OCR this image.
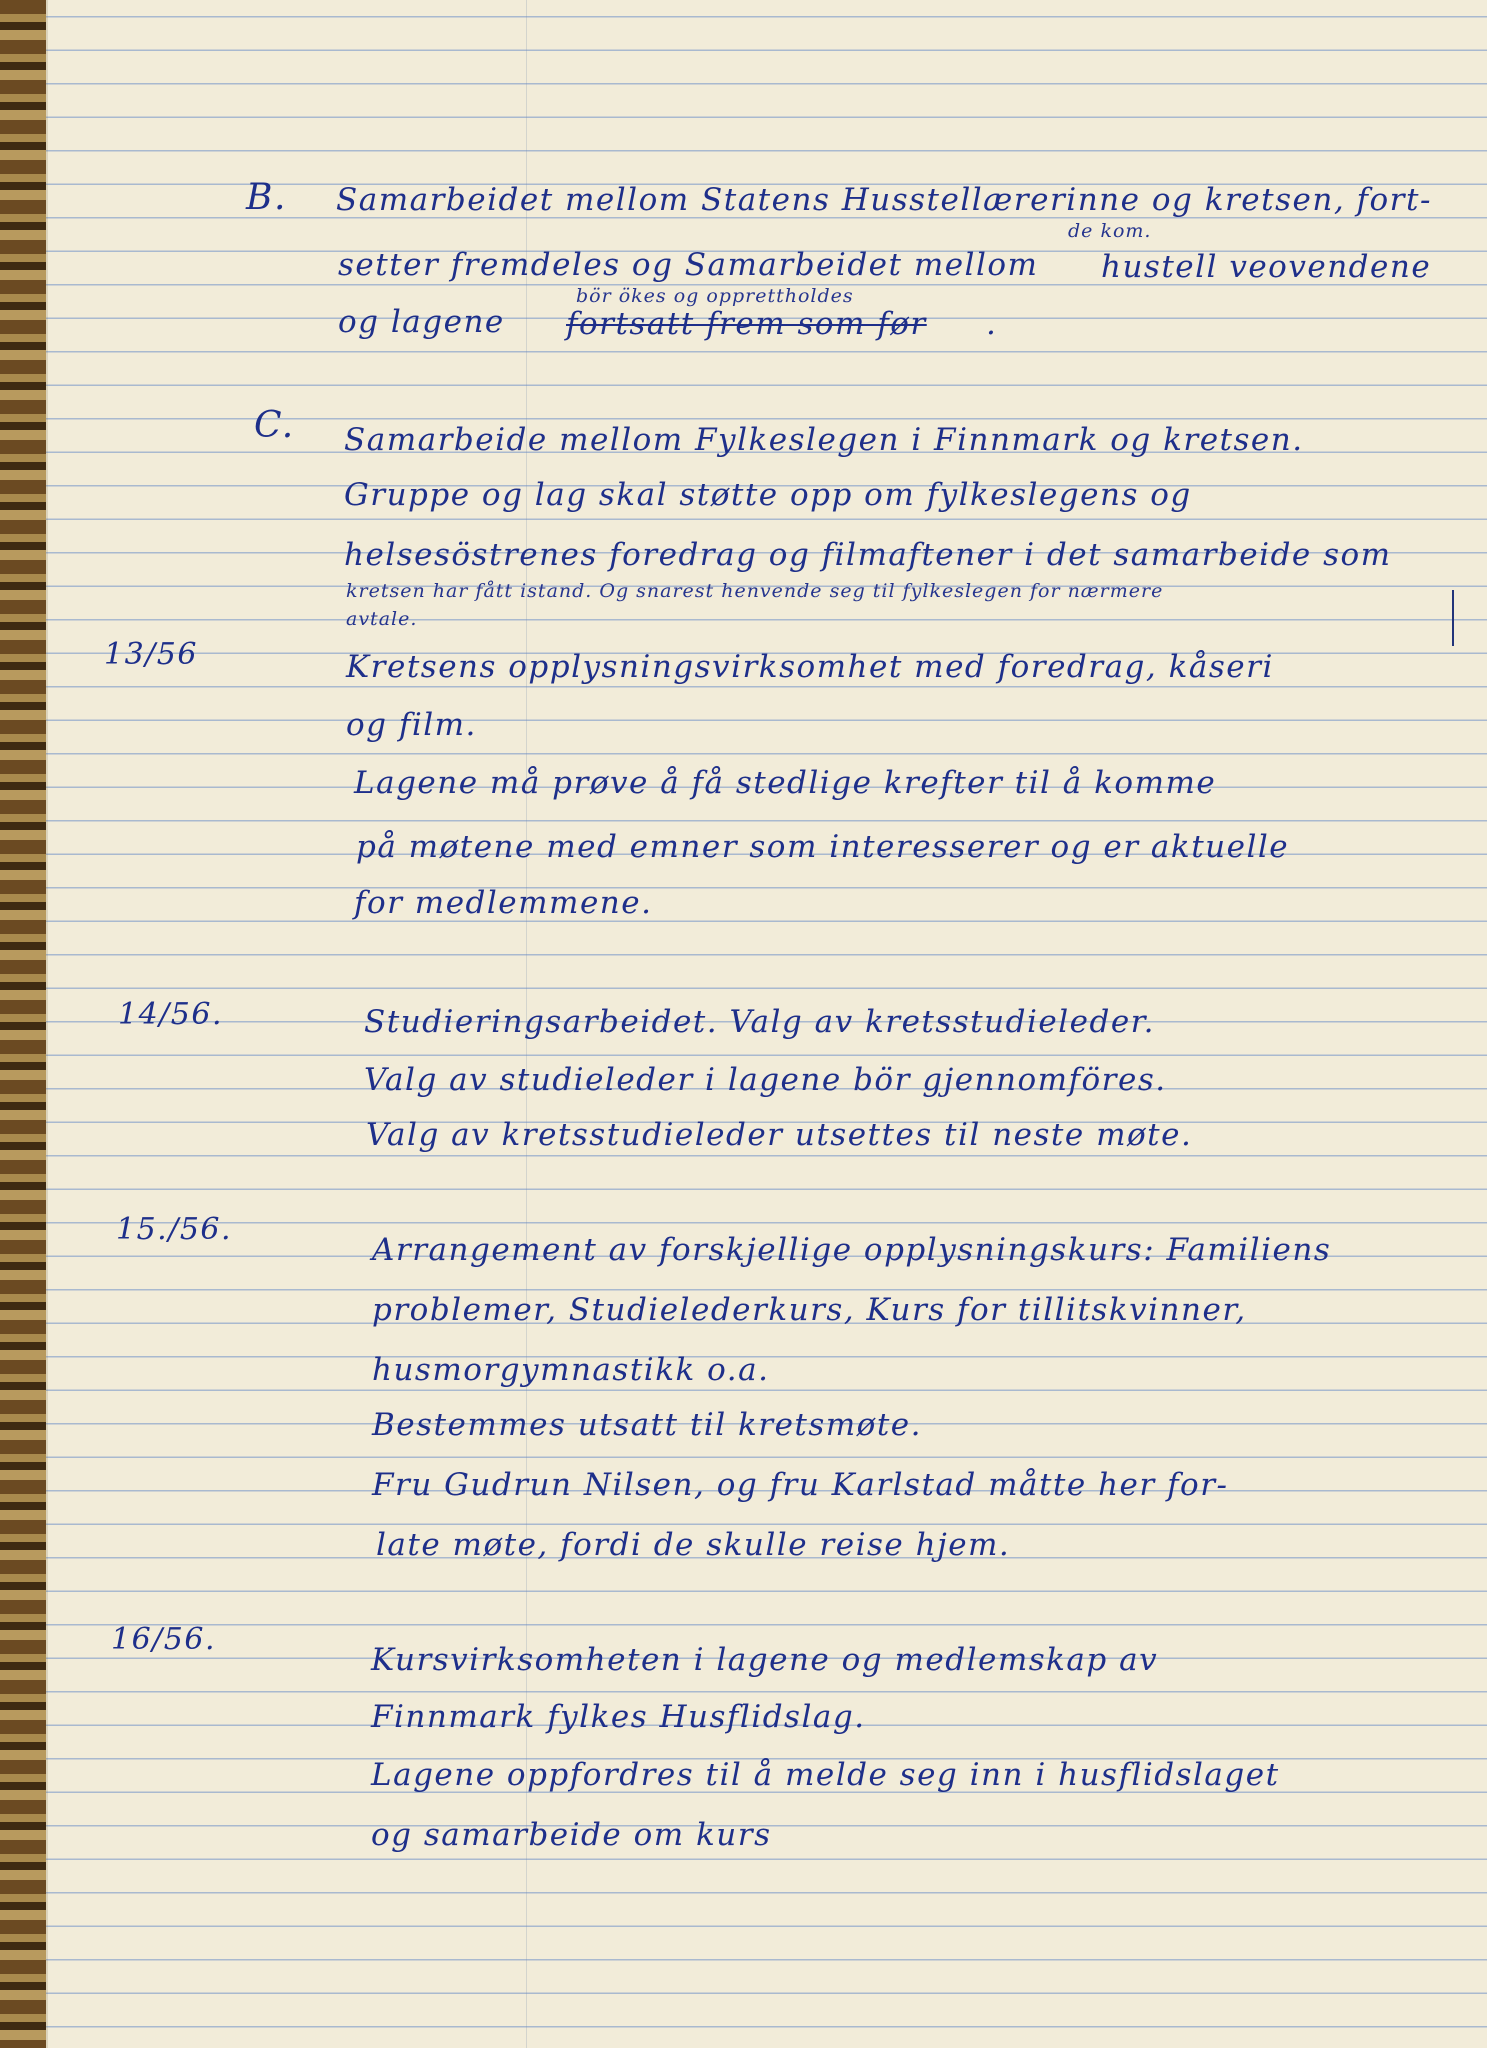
B. Samarbeidet mellom Statens Husstellærerinne og kretsen, fort-

de kom.

setter fremdeles og Samarbeidet mellom hustell veovendene

bör ökes og opprettholdes

og lagene fortsatt frem som før .

C. Samarbeide mellom Fylkeslegen i Finnmark og kretsen.

Gruppe og lag skal støtte opp om fylkeslegens og

helsesöstrenes foredrag og filmaftener i det samarbeide som

kretsen har fått istand. Og snarest henvende seg til fylkeslegen for nærmere

avtale.

13/56	Kretsens opplysningsvirksomhet med foredrag, kåseri

og film.

Lagene må prøve å få stedlige krefter til å komme

på møtene med emner som interesserer og er aktuelle

for medlemmene.

14/56.	Studieringsarbeidet. Valg av kretsstudieleder.

Valg av studieleder i lagene bör gjennomföres.

Valg av kretsstudieleder utsettes til neste møte.

15./56.

Arrangement av forskjellige opplysningskurs: Familiens

problemer, Studielederkurs, Kurs for tillitskvinner,

husmorgymnastikk o.a.

Bestemmes utsatt til kretsmøte.

Fru Gudrun Nilsen, og fru Karlstad måtte her for-

late møte, fordi de skulle reise hjem.

16/56.

Kursvirksomheten i lagene og medlemskap av

Finnmark fylkes Husflidslag.

Lagene oppfordres til å melde seg inn i husflidslaget

og samarbeide om kurs
